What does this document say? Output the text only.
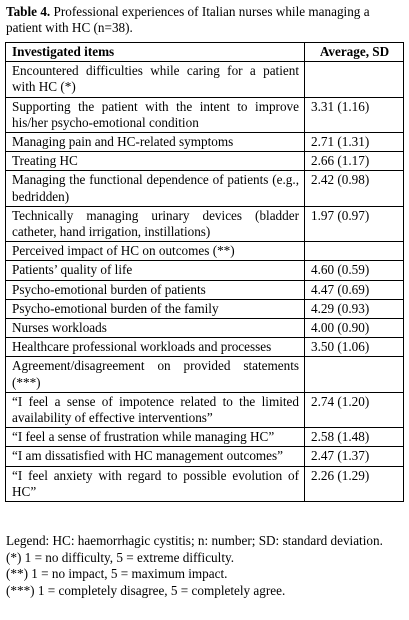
Table 4. Professional experiences of Italian nurses while managing a patient with HC (n=38).

Investigated items	Average, SD
Encountered difficulties while caring for a patient with HC (*)	
Supporting the patient with the intent to improve his/her psycho-emotional condition	3.31 (1.16)
Managing pain and HC-related symptoms	2.71 (1.31)
Treating HC	2.66 (1.17)
Managing the functional dependence of patients (e.g., bedridden)	2.42 (0.98)
Technically managing urinary devices (bladder catheter, hand irrigation, instillations)	1.97 (0.97)
Perceived impact of HC on outcomes (**)	
Patients’ quality of life	4.60 (0.59)
Psycho-emotional burden of patients	4.47 (0.69)
Psycho-emotional burden of the family	4.29 (0.93)
Nurses workloads	4.00 (0.90)
Healthcare professional workloads and processes	3.50 (1.06)
Agreement/disagreement on provided statements (***)	
“I feel a sense of impotence related to the limited availability of effective interventions”	2.74 (1.20)
“I feel a sense of frustration while managing HC”	2.58 (1.48)
“I am dissatisfied with HC management outcomes”	2.47 (1.37)
“I feel anxiety with regard to possible evolution of HC”	2.26 (1.29)

Legend: HC: haemorrhagic cystitis; n: number; SD: standard deviation.

(*) 1 = no difficulty, 5 = extreme difficulty.

(**) 1 = no impact, 5 = maximum impact.

(***) 1 = completely disagree, 5 = completely agree.
